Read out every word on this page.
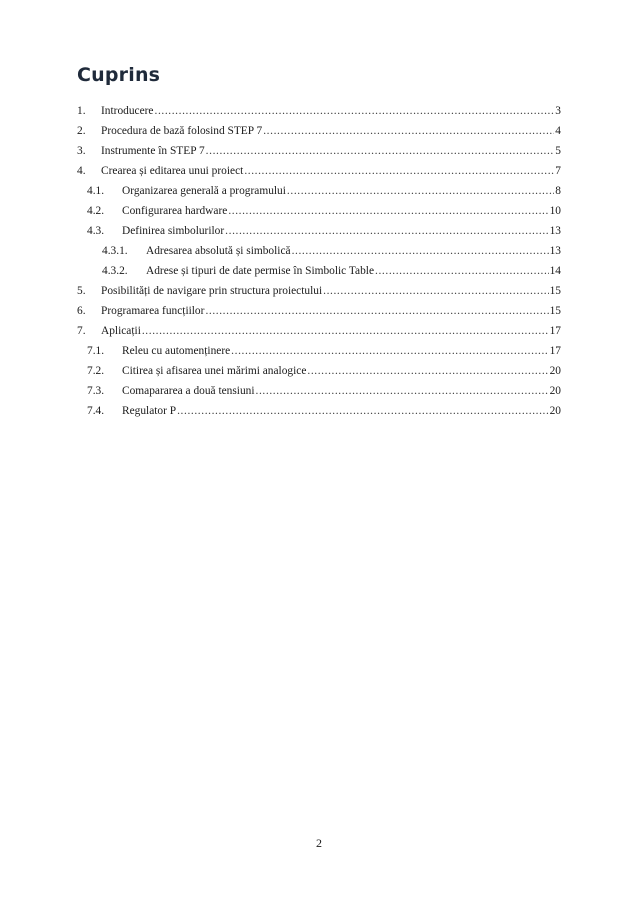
Cuprins
1.	Introducere .....	3
2.	Procedura de bază folosind STEP 7 .....	4
3.	Instrumente în STEP 7 .....	5
4.	Crearea și editarea unui proiect .....	7
4.1.	Organizarea generală a programului .....	8
4.2.	Configurarea hardware .....	10
4.3.	Definirea simbolurilor .....	13
4.3.1.	Adresarea absolută și simbolică .....	13
4.3.2.	Adrese și tipuri de date permise în Simbolic Table .....	14
5.	Posibilități de navigare prin structura proiectului .....	15
6.	Programarea funcțiilor .....	15
7.	Aplicații .....	17
7.1.	Releu cu automenținere .....	17
7.2.	Citirea și afisarea unei mărimi analogice .....	20
7.3.	Comapararea a două tensiuni .....	20
7.4.	Regulator P .....	20
2
